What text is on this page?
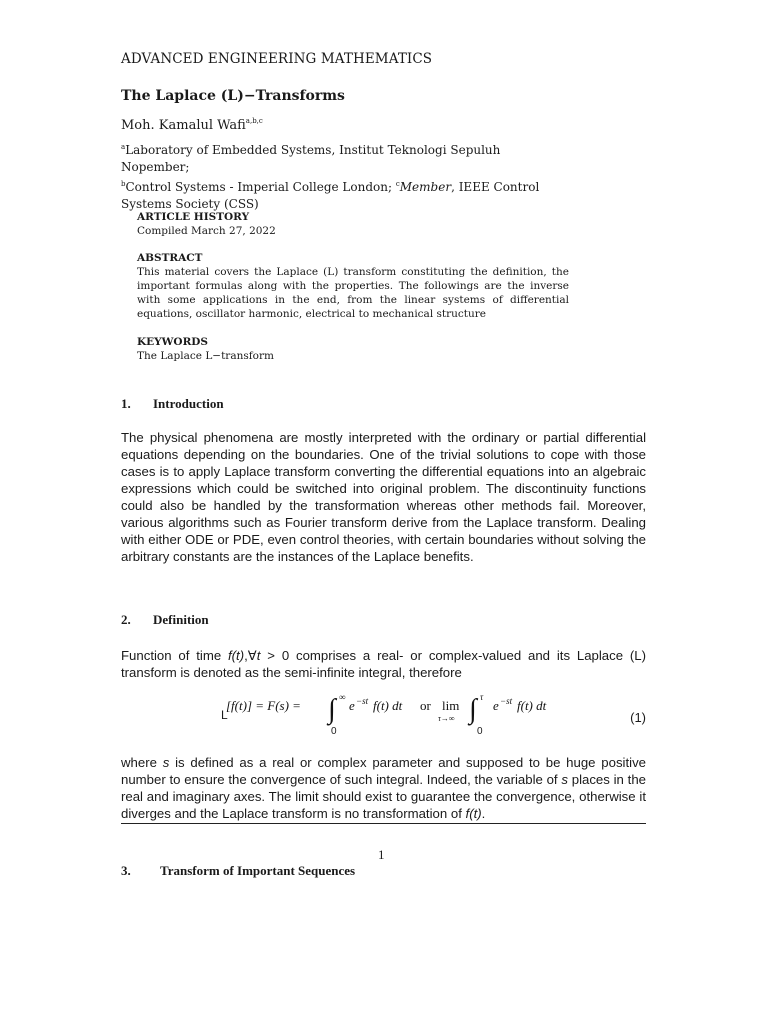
ADVANCED ENGINEERING MATHEMATICS
The Laplace (L)−Transforms
Moh. Kamalul Wafi$^{a,b,c}$
$^a$Laboratory of Embedded Systems, Institut Teknologi Sepuluh Nopember;
$^b$Control Systems - Imperial College London; $^c$Member, IEEE Control Systems Society (CSS)
ARTICLE HISTORY
Compiled March 27, 2022
ABSTRACT
This material covers the Laplace (L) transform constituting the definition, the important formulas along with the properties. The followings are the inverse with some applications in the end, from the linear systems of differential equations, oscillator harmonic, electrical to mechanical structure
KEYWORDS
The Laplace L−transform
1. Introduction
The physical phenomena are mostly interpreted with the ordinary or partial differential equations depending on the boundaries. One of the trivial solutions to cope with those cases is to apply Laplace transform converting the differential equations into an algebraic expressions which could be switched into original problem. The discontinuity functions could also be handled by the transformation whereas other methods fail. Moreover, various algorithms such as Fourier transform derive from the Laplace transform. Dealing with either ODE or PDE, even control theories, with certain boundaries without solving the arbitrary constants are the instances of the Laplace benefits.
2. Definition
Function of time f(t),∀t > 0 comprises a real- or complex-valued and its Laplace (L) transform is denoted as the semi-infinite integral, therefore
L
[f(t)] = F(s) = ∫ ∞
e −st f(t) dt or lim
τ→∞ ∫ τ
e −st f(t) dt
0	0
(1)
where s is defined as a real or complex parameter and supposed to be huge positive number to ensure the convergence of such integral. Indeed, the variable of s places in the real and imaginary axes. The limit should exist to guarantee the convergence, otherwise it diverges and the Laplace transform is no transformation of f(t).
1
3. Transform of Important Sequences
